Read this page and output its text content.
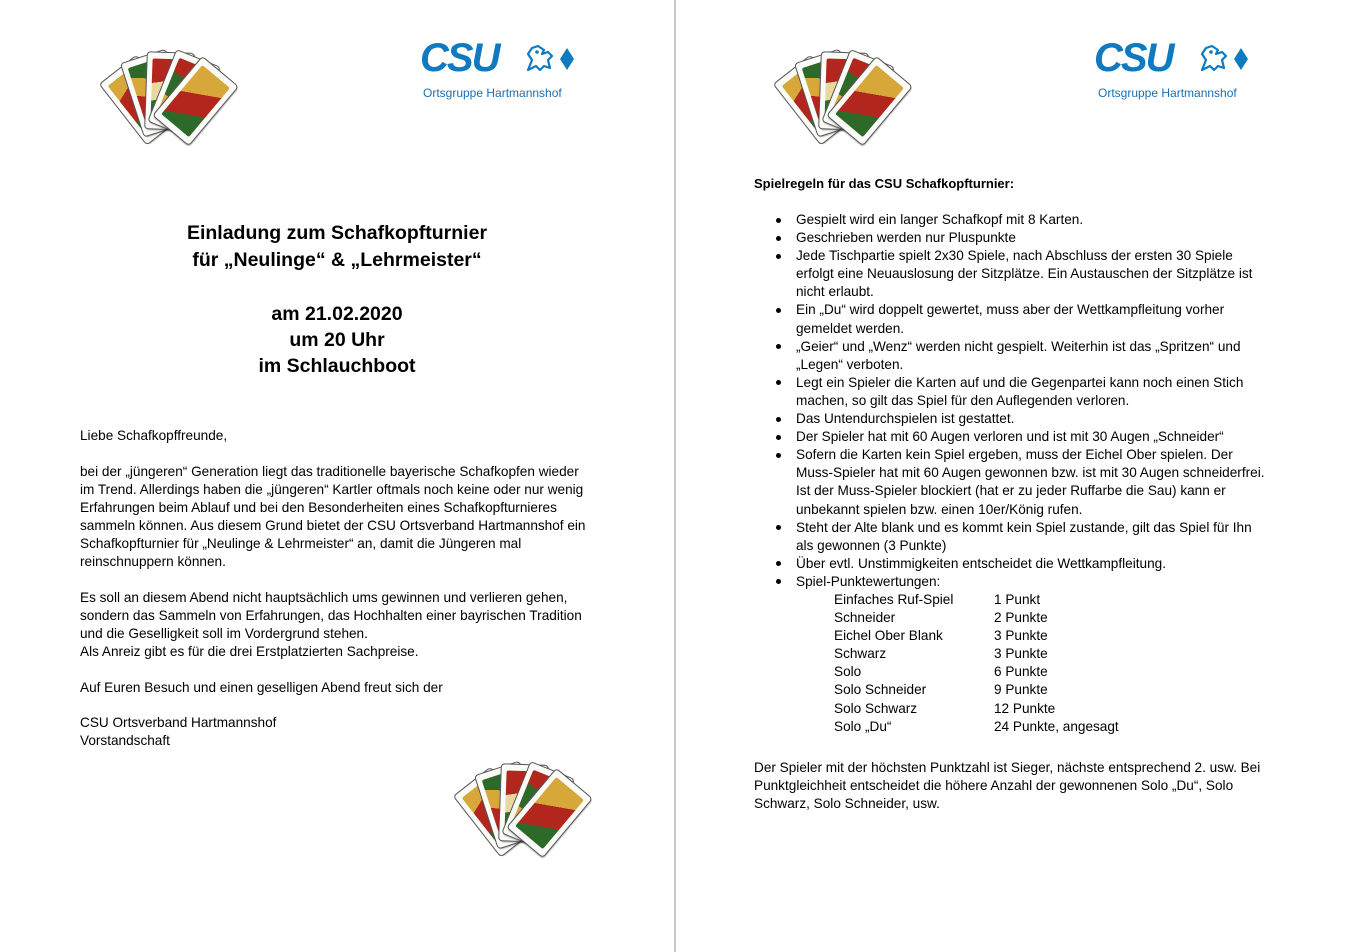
CSU
Ortsgruppe Hartmannshof
Einladung zum Schafkopfturnier
für „Neulinge“ & „Lehrmeister“
am 21.02.2020
um 20 Uhr
im Schlauchboot
Liebe Schafkopffreunde,
bei der „jüngeren“ Generation liegt das traditionelle bayerische Schafkopfen wieder
im Trend. Allerdings haben die „jüngeren“ Kartler oftmals noch keine oder nur wenig
Erfahrungen beim Ablauf und bei den Besonderheiten eines Schafkopfturnieres
sammeln können. Aus diesem Grund bietet der CSU Ortsverband Hartmannshof ein
Schafkopfturnier für „Neulinge & Lehrmeister“ an, damit die Jüngeren mal
reinschnuppern können.
Es soll an diesem Abend nicht hauptsächlich ums gewinnen und verlieren gehen,
sondern das Sammeln von Erfahrungen, das Hochhalten einer bayrischen Tradition
und die Geselligkeit soll im Vordergrund stehen.
Als Anreiz gibt es für die drei Erstplatzierten Sachpreise.
Auf Euren Besuch und einen geselligen Abend freut sich der
CSU Ortsverband Hartmannshof
Vorstandschaft
CSU
Ortsgruppe Hartmannshof
Spielregeln für das CSU Schafkopfturnier:
Gespielt wird ein langer Schafkopf mit 8 Karten.
Geschrieben werden nur Pluspunkte
Jede Tischpartie spielt 2x30 Spiele, nach Abschluss der ersten 30 Spiele
erfolgt eine Neuauslosung der Sitzplätze. Ein Austauschen der Sitzplätze ist
nicht erlaubt.
Ein „Du“ wird doppelt gewertet, muss aber der Wettkampfleitung vorher
gemeldet werden.
„Geier“ und „Wenz“ werden nicht gespielt. Weiterhin ist das „Spritzen“ und
„Legen“ verboten.
Legt ein Spieler die Karten auf und die Gegenpartei kann noch einen Stich
machen, so gilt das Spiel für den Auflegenden verloren.
Das Untendurchspielen ist gestattet.
Der Spieler hat mit 60 Augen verloren und ist mit 30 Augen „Schneider“
Sofern die Karten kein Spiel ergeben, muss der Eichel Ober spielen. Der
Muss-Spieler hat mit 60 Augen gewonnen bzw. ist mit 30 Augen schneiderfrei.
Ist der Muss-Spieler blockiert (hat er zu jeder Ruffarbe die Sau) kann er
unbekannt spielen bzw. einen 10er/König rufen.
Steht der Alte blank und es kommt kein Spiel zustande, gilt das Spiel für Ihn
als gewonnen (3 Punkte)
Über evtl. Unstimmigkeiten entscheidet die Wettkampfleitung.
Spiel-Punktewertungen:
Einfaches Ruf-Spiel	1 Punkt
Schneider	2 Punkte
Eichel Ober Blank	3 Punkte
Schwarz	3 Punkte
Solo	6 Punkte
Solo Schneider	9 Punkte
Solo Schwarz	12 Punkte
Solo „Du“	24 Punkte, angesagt
Der Spieler mit der höchsten Punktzahl ist Sieger, nächste entsprechend 2. usw. Bei
Punktgleichheit entscheidet die höhere Anzahl der gewonnenen Solo „Du“, Solo
Schwarz, Solo Schneider, usw.
